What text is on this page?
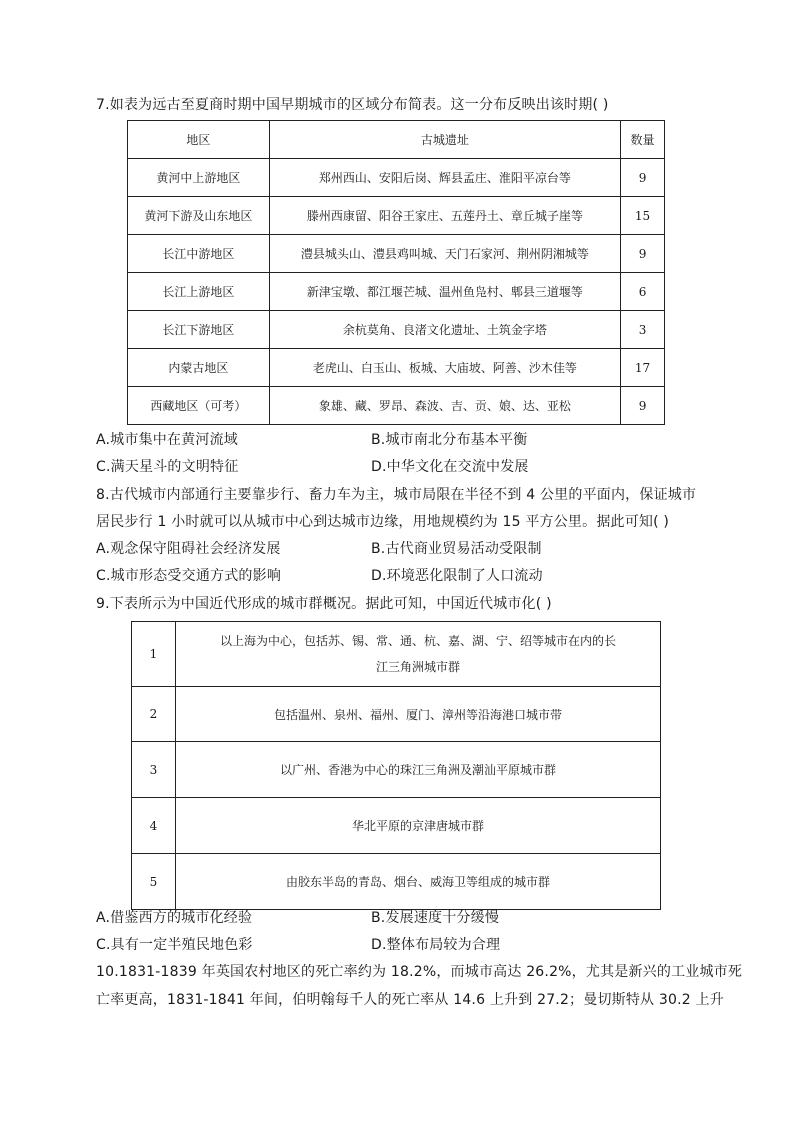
7.如表为远古至夏商时期中国早期城市的区域分布简表。这一分布反映出该时期( )
地区	古城遗址	数量
黄河中上游地区	郑州西山、安阳后岗、辉县孟庄、淮阳平凉台等	9
黄河下游及山东地区	滕州西康留、阳谷王家庄、五莲丹土、章丘城子崖等	15
长江中游地区	澧县城头山、澧县鸡叫城、天门石家河、荆州阴湘城等	9
长江上游地区	新津宝墩、都江堰芒城、温州鱼凫村、郫县三道堰等	6
长江下游地区	余杭莫角、良渚文化遗址、土筑金字塔	3
内蒙古地区	老虎山、白玉山、板城、大庙坡、阿善、沙木佳等	17
西藏地区（可考）	象雄、藏、罗昂、森波、吉、贡、娘、达、亚松	9
A.城市集中在黄河流域	B.城市南北分布基本平衡
C.满天星斗的文明特征	D.中华文化在交流中发展
8.古代城市内部通行主要靠步行、畜力车为主，城市局限在半径不到 4 公里的平面内，保证城市
居民步行 1 小时就可以从城市中心到达城市边缘，用地规模约为 15 平方公里。据此可知( )
A.观念保守阻碍社会经济发展	B.古代商业贸易活动受限制
C.城市形态受交通方式的影响	D.环境恶化限制了人口流动
9.下表所示为中国近代形成的城市群概况。据此可知，中国近代城市化( )
1	以上海为中心，包括苏、锡、常、通、杭、嘉、湖、宁、绍等城市在内的长
江三角洲城市群

2	包括温州、泉州、福州、厦门、漳州等沿海港口城市带
3	以广州、香港为中心的珠江三角洲及潮汕平原城市群
4	华北平原的京津唐城市群
5	由胶东半岛的青岛、烟台、威海卫等组成的城市群
A.借鉴西方的城市化经验	B.发展速度十分缓慢
C.具有一定半殖民地色彩	D.整体布局较为合理
10.1831-1839 年英国农村地区的死亡率约为 18.2%，而城市高达 26.2%，尤其是新兴的工业城市死
亡率更高，1831-1841 年间，伯明翰每千人的死亡率从 14.6 上升到 27.2；曼切斯特从 30.2 上升
